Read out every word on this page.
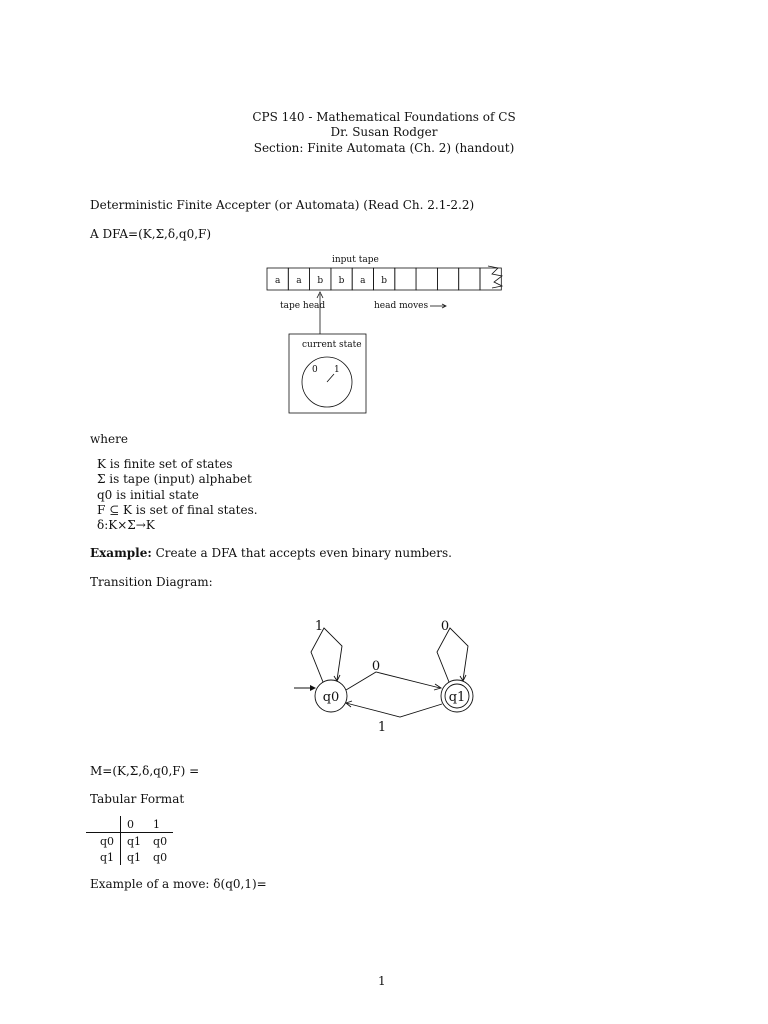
CPS 140 - Mathematical Foundations of CS
Dr. Susan Rodger
Section: Finite Automata (Ch. 2) (handout)
Deterministic Finite Accepter (or Automata) (Read Ch. 2.1-2.2)
A DFA=(K,Σ,δ,q0,F)
input tape
a a b b a b
tape head	head moves
current state
0 1
where
K is finite set of states
Σ is tape (input) alphabet
q0 is initial state
F ⊆ K is set of final states.
δ:K×Σ→K
Example: Create a DFA that accepts even binary numbers.
Transition Diagram:
q0	q1
1	0
0
1
M=(K,Σ,δ,q0,F) =
Tabular Format
	0	1
q0	q1	q0
q1	q1	q0
Example of a move: δ(q0,1)=
1
